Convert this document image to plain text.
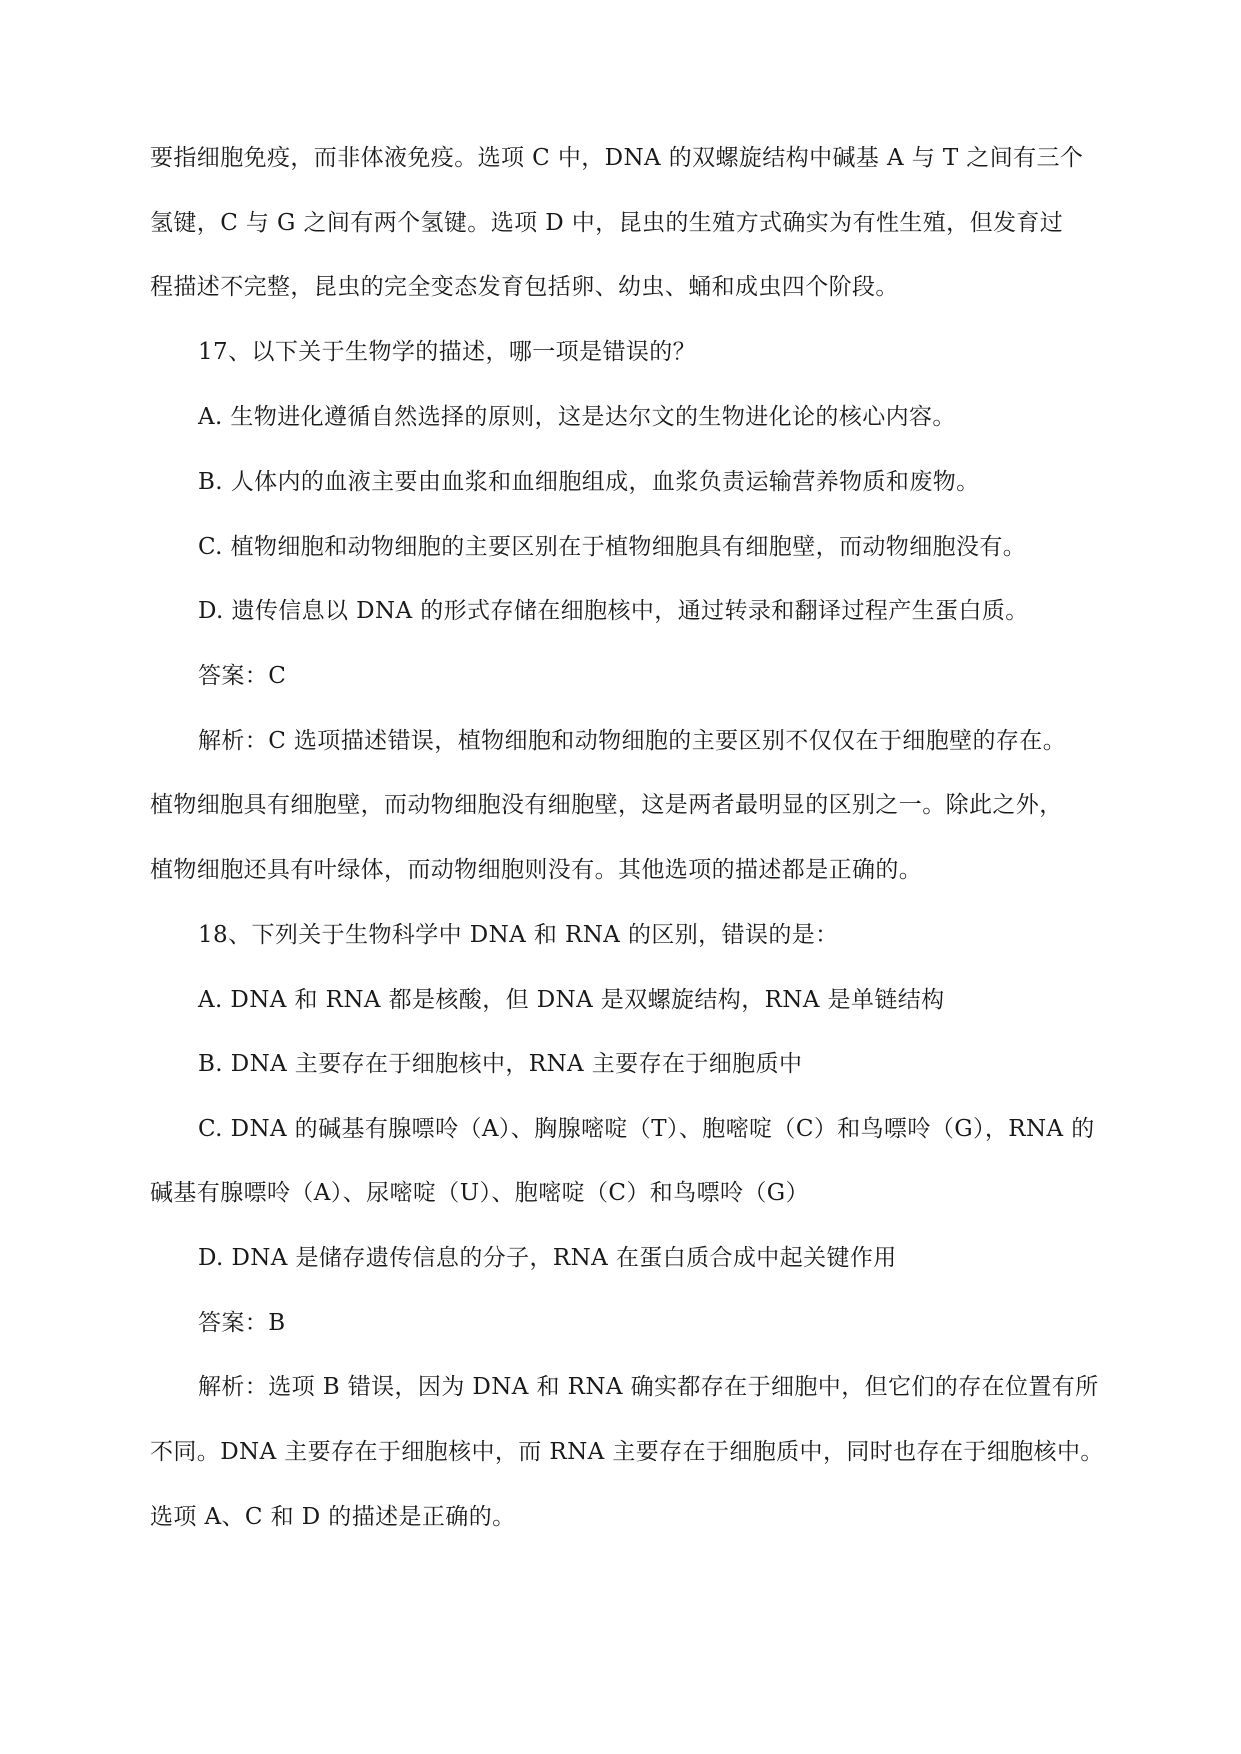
要指细胞免疫，而非体液免疫。选项 C 中，DNA 的双螺旋结构中碱基 A 与 T 之间有三个
氢键，C 与 G 之间有两个氢键。选项 D 中，昆虫的生殖方式确实为有性生殖，但发育过
程描述不完整，昆虫的完全变态发育包括卵、幼虫、蛹和成虫四个阶段。
17、以下关于生物学的描述，哪一项是错误的？
A. 生物进化遵循自然选择的原则，这是达尔文的生物进化论的核心内容。
B. 人体内的血液主要由血浆和血细胞组成，血浆负责运输营养物质和废物。
C. 植物细胞和动物细胞的主要区别在于植物细胞具有细胞壁，而动物细胞没有。
D. 遗传信息以 DNA 的形式存储在细胞核中，通过转录和翻译过程产生蛋白质。
答案：C
解析：C 选项描述错误，植物细胞和动物细胞的主要区别不仅仅在于细胞壁的存在。
植物细胞具有细胞壁，而动物细胞没有细胞壁，这是两者最明显的区别之一。除此之外，
植物细胞还具有叶绿体，而动物细胞则没有。其他选项的描述都是正确的。
18、下列关于生物科学中 DNA 和 RNA 的区别，错误的是：
A. DNA 和 RNA 都是核酸，但 DNA 是双螺旋结构，RNA 是单链结构
B. DNA 主要存在于细胞核中，RNA 主要存在于细胞质中
C. DNA 的碱基有腺嘌呤（A）、胸腺嘧啶（T）、胞嘧啶（C）和鸟嘌呤（G），RNA 的
碱基有腺嘌呤（A）、尿嘧啶（U）、胞嘧啶（C）和鸟嘌呤（G）
D. DNA 是储存遗传信息的分子，RNA 在蛋白质合成中起关键作用
答案：B
解析：选项 B 错误，因为 DNA 和 RNA 确实都存在于细胞中，但它们的存在位置有所
不同。DNA 主要存在于细胞核中，而 RNA 主要存在于细胞质中，同时也存在于细胞核中。
选项 A、C 和 D 的描述是正确的。
